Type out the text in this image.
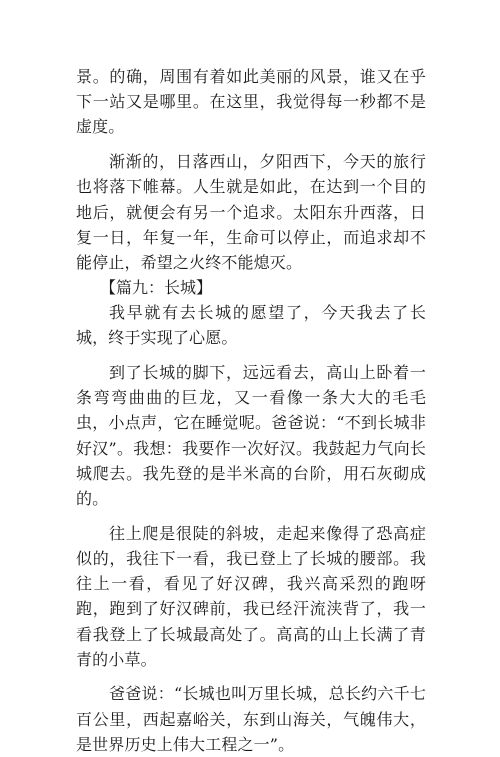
景。的确，周围有着如此美丽的风景，谁又在乎下一站又是哪里。在这里，我觉得每一秒都不是虚度。

渐渐的，日落西山，夕阳西下，今天的旅行也将落下帷幕。人生就是如此，在达到一个目的地后，就便会有另一个追求。太阳东升西落，日复一日，年复一年，生命可以停止，而追求却不能停止，希望之火终不能熄灭。

【篇九：长城】

我早就有去长城的愿望了，今天我去了长城，终于实现了心愿。

到了长城的脚下，远远看去，高山上卧着一条弯弯曲曲的巨龙，又一看像一条大大的毛毛虫，小点声，它在睡觉呢。爸爸说：“不到长城非好汉”。我想：我要作一次好汉。我鼓起力气向长城爬去。我先登的是半米高的台阶，用石灰砌成的。

往上爬是很陡的斜坡，走起来像得了恐高症似的，我往下一看，我已登上了长城的腰部。我往上一看，看见了好汉碑，我兴高采烈的跑呀跑，跑到了好汉碑前，我已经汗流浃背了，我一看我登上了长城最高处了。高高的山上长满了青青的小草。

爸爸说：“长城也叫万里长城，总长约六千七百公里，西起嘉峪关，东到山海关，气魄伟大，是世界历史上伟大工程之一”。
